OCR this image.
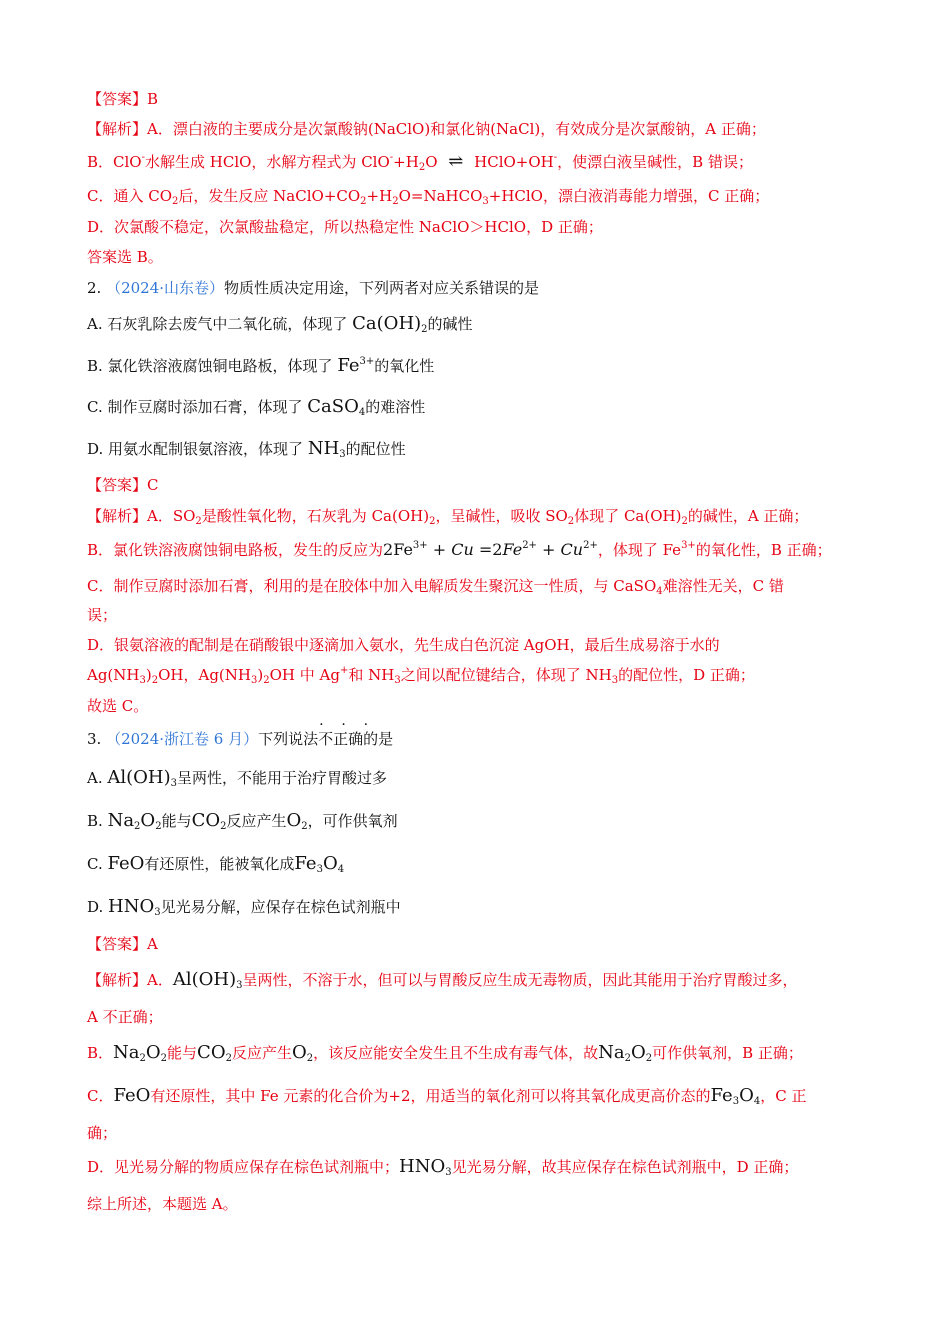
【答案】B
【解析】A．漂白液的主要成分是次氯酸钠(NaClO)和氯化钠(NaCl)，有效成分是次氯酸钠，A 正确；
B．ClO-水解生成 HClO，水解方程式为 $ClO^-+H_2O$ ⇌ HClO+OH-，使漂白液呈碱性，B 错误；
C．通入 $CO_2$后，发生反应 $NaClO+CO_2+H_2O=NaHCO_3+HClO$，漂白液消毒能力增强，C 正确；
D．次氯酸不稳定，次氯酸盐稳定，所以热稳定性 NaClO＞HClO，D 正确；
答案选 B。
2. （2024·山东卷）物质性质决定用途，下列两者对应关系错误的是
A. 石灰乳除去废气中二氧化硫，体现了 $Ca(OH)_2$的碱性
B. 氯化铁溶液腐蚀铜电路板，体现了 $Fe^{3+}$的氧化性
C. 制作豆腐时添加石膏，体现了 CaSO$_4$的难溶性
D. 用氨水配制银氨溶液，体现了 $NH_3$的配位性
【答案】C
【解析】A．$SO_2$是酸性氧化物，石灰乳为 $Ca(OH)_2$，呈碱性，吸收 $SO_2$体现了 $Ca(OH)_2$的碱性，A 正确；
B．氯化铁溶液腐蚀铜电路板，发生的反应为$2Fe^{3+} + Cu =2Fe^{2+} + Cu^{2+}$，体现了 $Fe^{3+}$的氧化性，B 正确；
C．制作豆腐时添加石膏，利用的是在胶体中加入电解质发生聚沉这一性质，与 CaSO$_4$难溶性无关，C 错
误；
D．银氨溶液的配制是在硝酸银中逐滴加入氨水，先生成白色沉淀 AgOH，最后生成易溶于水的
$Ag(NH_3)_2OH$，$Ag(NH_3)_2OH$ 中 Ag+和 $NH_3$之间以配位键结合，体现了 $NH_3$的配位性，D 正确；
故选 C。
3. （2024·浙江卷 6 月）下列说法不正确的是
A. $Al(OH)_3$呈两性，不能用于治疗胃酸过多
B. $Na_2O_2$能与$CO_2$反应产生$O_2$，可作供氧剂
C. FeO有还原性，能被氧化成$Fe_3O_4$
D. $HNO_3$见光易分解，应保存在棕色试剂瓶中
【答案】A
【解析】A．$Al(OH)_3$呈两性，不溶于水，但可以与胃酸反应生成无毒物质，因此其能用于治疗胃酸过多，
A 不正确；
B．$Na_2O_2$能与$CO_2$反应产生$O_2$，该反应能安全发生且不生成有毒气体，故$Na_2O_2$可作供氧剂，B 正确；
C．FeO有还原性，其中 Fe 元素的化合价为+2，用适当的氧化剂可以将其氧化成更高价态的$Fe_3O_4$，C 正
确；
D．见光易分解的物质应保存在棕色试剂瓶中；$HNO_3$见光易分解，故其应保存在棕色试剂瓶中，D 正确；
综上所述，本题选 A。
